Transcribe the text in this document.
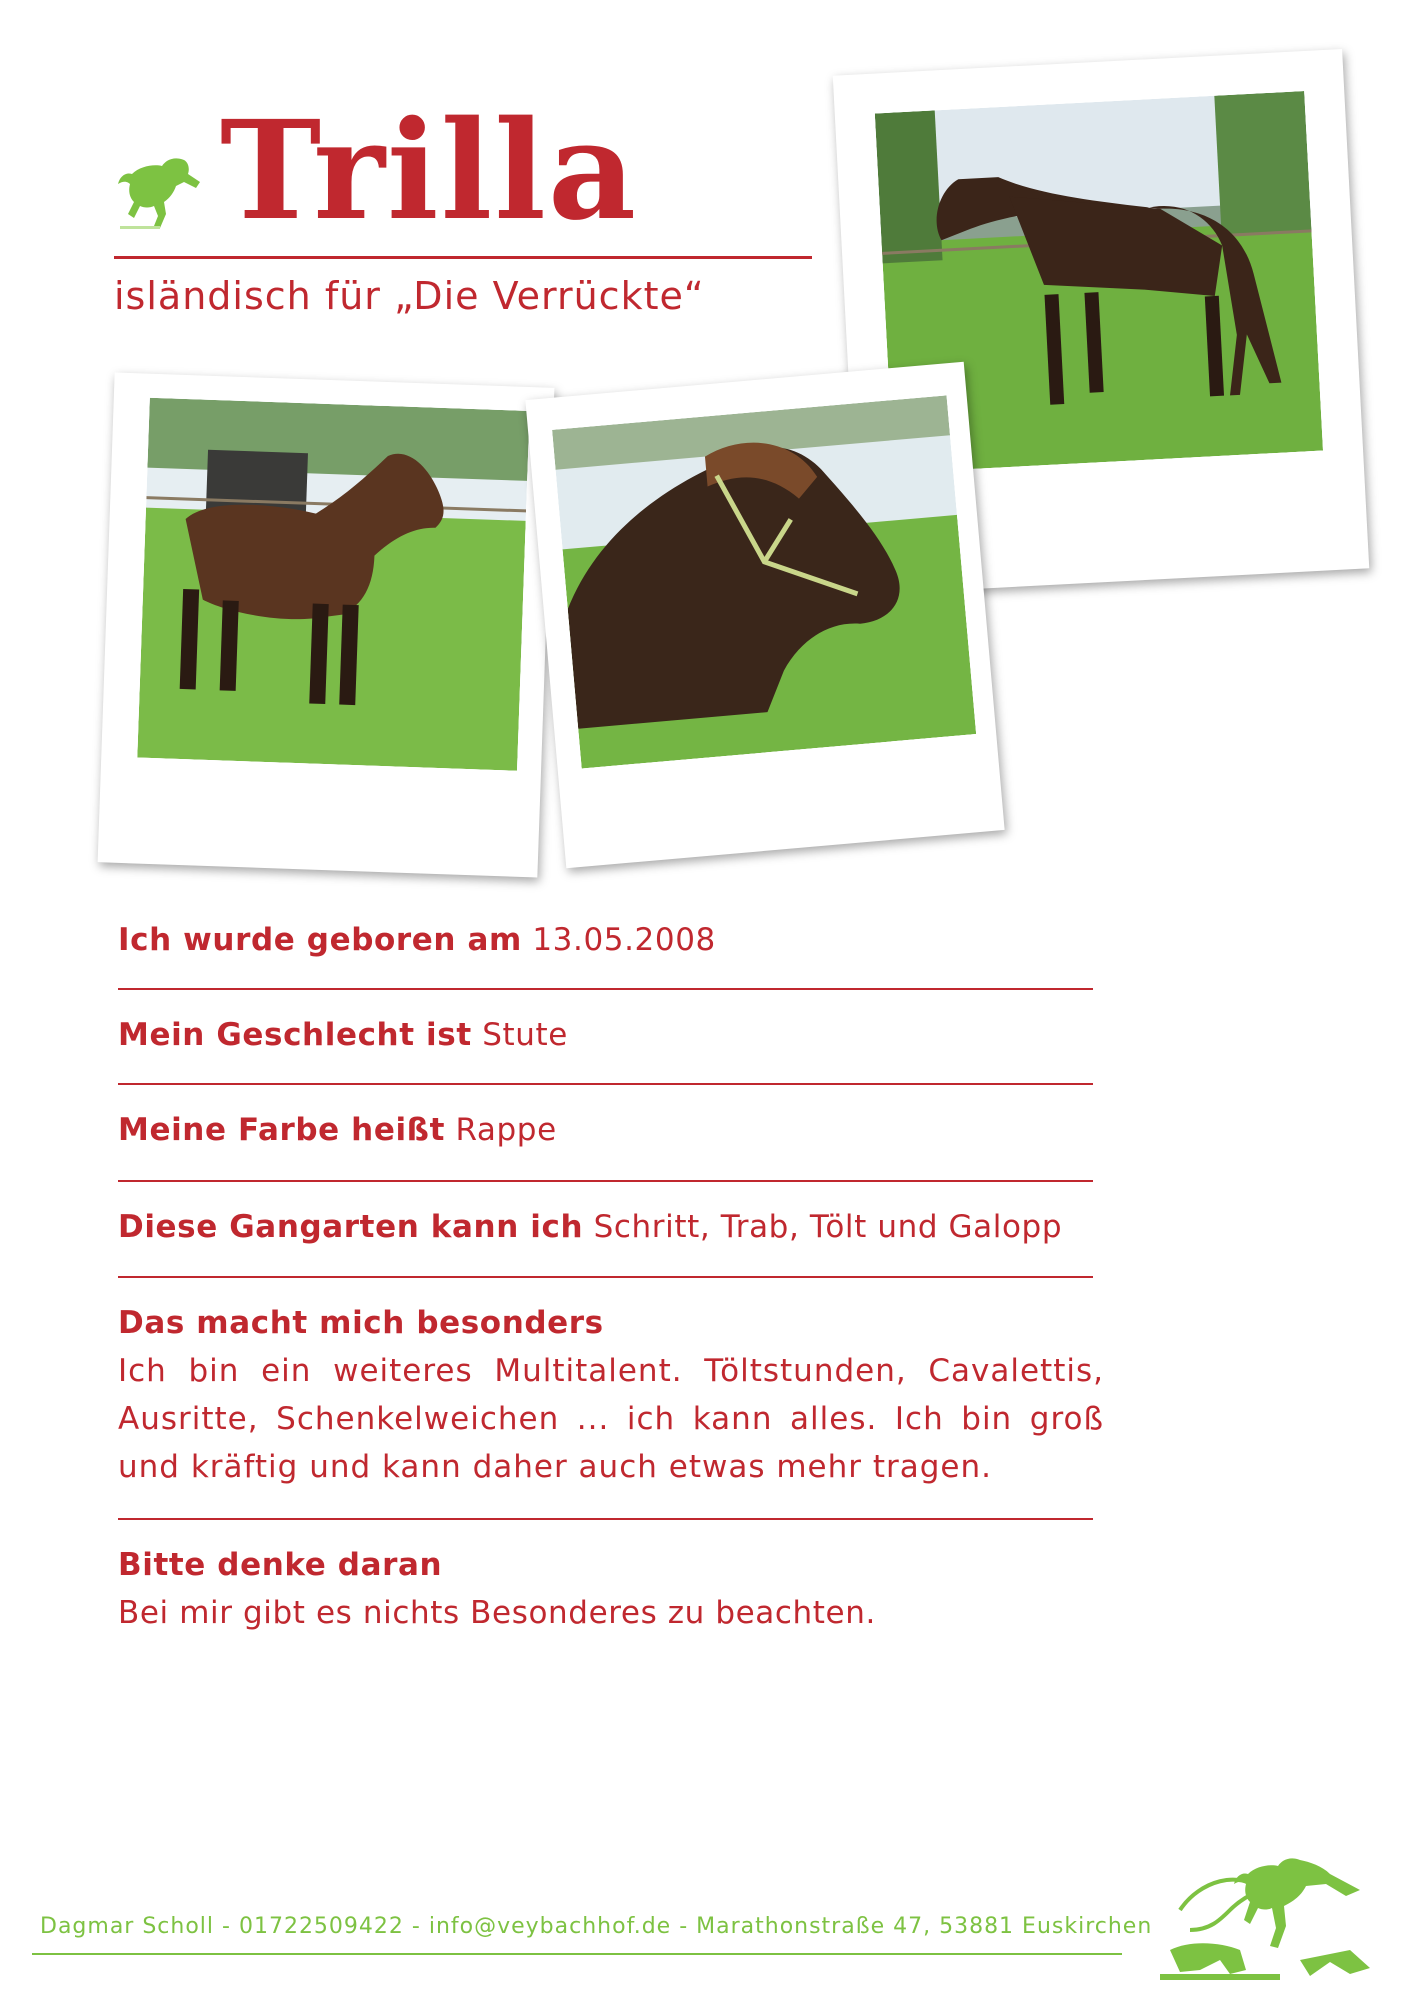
Trilla
isländisch für „Die Verrückte“
Ich wurde geboren am 13.05.2008
Mein Geschlecht ist Stute
Meine Farbe heißt Rappe
Diese Gangarten kann ich Schritt, Trab, Tölt und Galopp
Das macht mich besonders
Ich bin ein weiteres Multitalent. Töltstunden, Cavalettis, Ausritte, Schenkelweichen ... ich kann alles. Ich bin groß und kräftig und kann daher auch etwas mehr tragen.
Bitte denke daran
Bei mir gibt es nichts Besonderes zu beachten.
Dagmar Scholl - 01722509422 - info@veybachhof.de - Marathonstraße 47, 53881 Euskirchen
